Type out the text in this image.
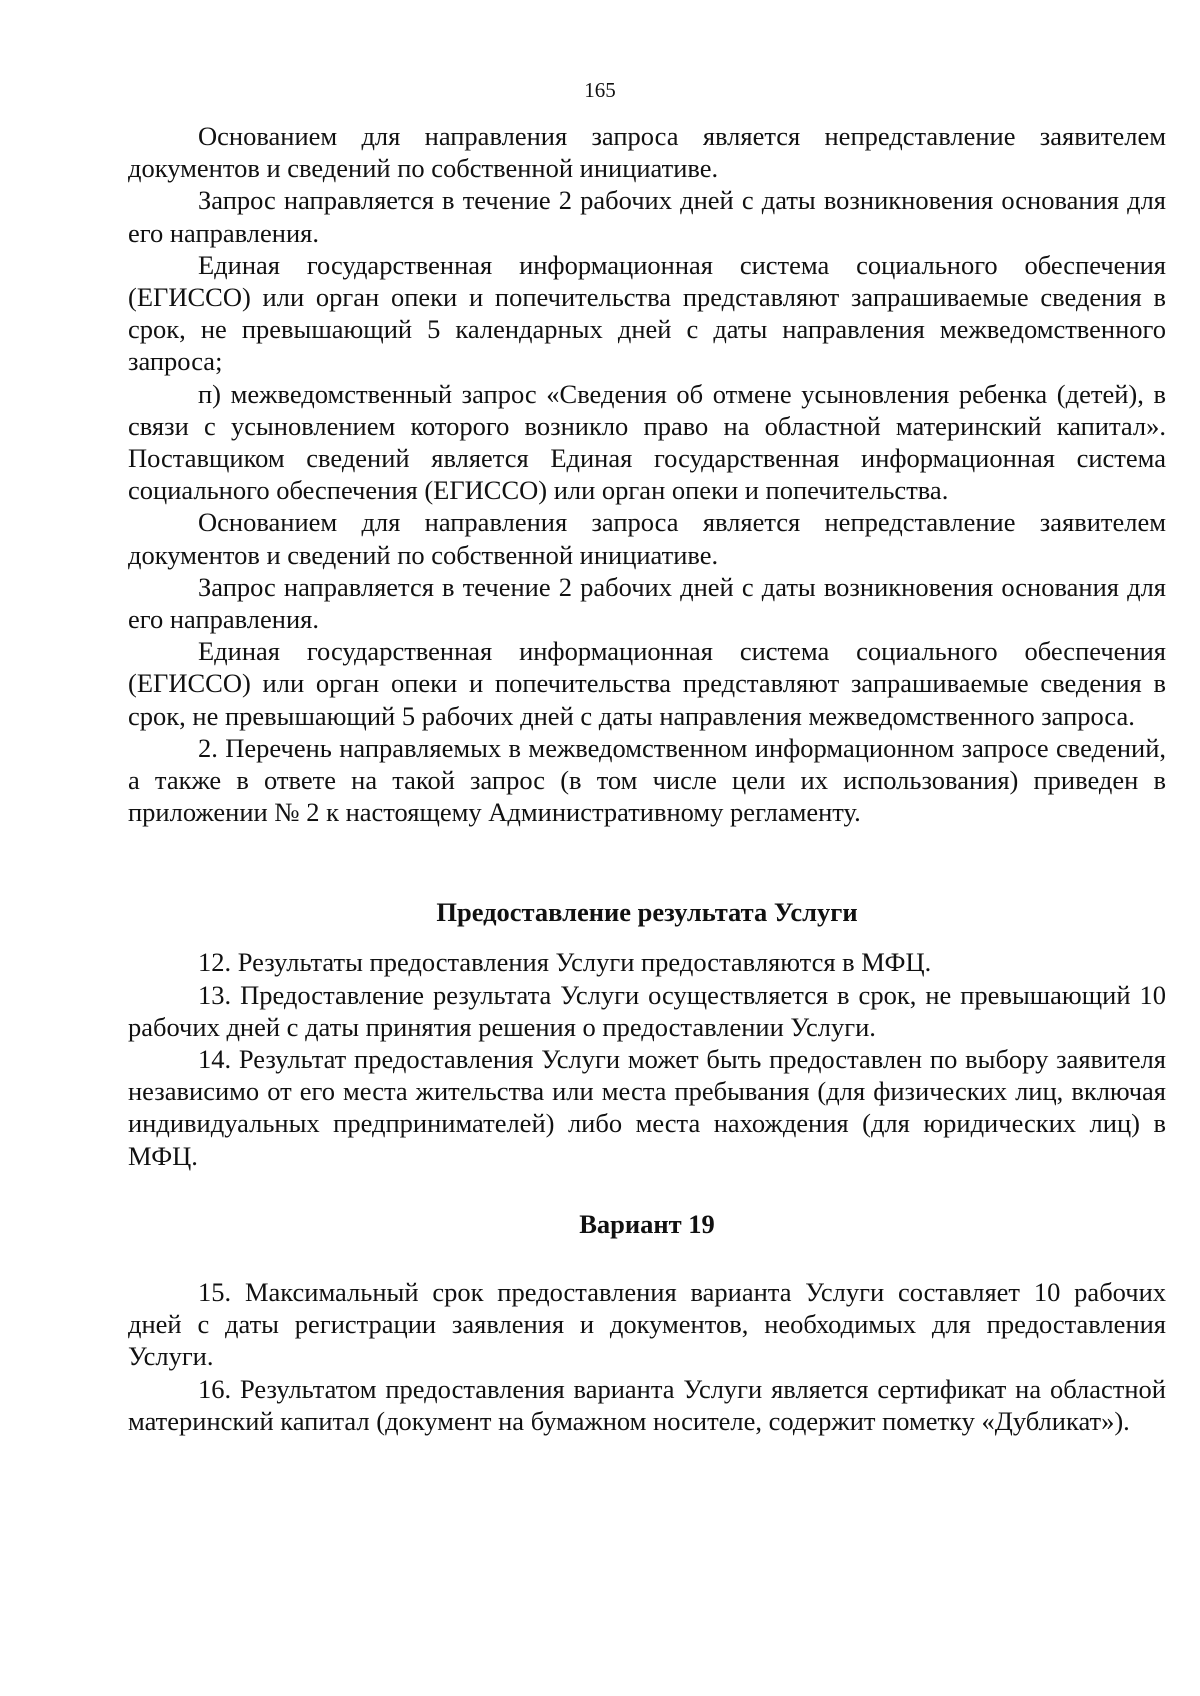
165

Основанием для направления запроса является непредставление заявителем документов и сведений по собственной инициативе.

Запрос направляется в течение 2 рабочих дней с даты возникновения основания для его направления.

Единая государственная информационная система социального обеспечения (ЕГИССО) или орган опеки и попечительства представляют запрашиваемые сведения в срок, не превышающий 5 календарных дней с даты направления межведомственного запроса;

п) межведомственный запрос «Сведения об отмене усыновления ребенка (детей), в связи с усыновлением которого возникло право на областной материнский капитал». Поставщиком сведений является Единая государственная информационная система социального обеспечения (ЕГИССО) или орган опеки и попечительства.

Основанием для направления запроса является непредставление заявителем документов и сведений по собственной инициативе.

Запрос направляется в течение 2 рабочих дней с даты возникновения основания для его направления.

Единая государственная информационная система социального обеспечения (ЕГИССО) или орган опеки и попечительства представляют запрашиваемые сведения в срок, не превышающий 5 рабочих дней с даты направления межведомственного запроса.

2. Перечень направляемых в межведомственном информационном запросе сведений, а также в ответе на такой запрос (в том числе цели их использования) приведен в приложении № 2 к настоящему Административному регламенту.

Предоставление результата Услуги

12. Результаты предоставления Услуги предоставляются в МФЦ.

13. Предоставление результата Услуги осуществляется в срок, не превышающий 10 рабочих дней с даты принятия решения о предоставлении Услуги.

14. Результат предоставления Услуги может быть предоставлен по выбору заявителя независимо от его места жительства или места пребывания (для физических лиц, включая индивидуальных предпринимателей) либо места нахождения (для юридических лиц) в МФЦ.

Вариант 19

15. Максимальный срок предоставления варианта Услуги составляет 10 рабочих дней с даты регистрации заявления и документов, необходимых для предоставления Услуги.

16. Результатом предоставления варианта Услуги является сертификат на областной материнский капитал (документ на бумажном носителе, содержит пометку «Дубликат»).
